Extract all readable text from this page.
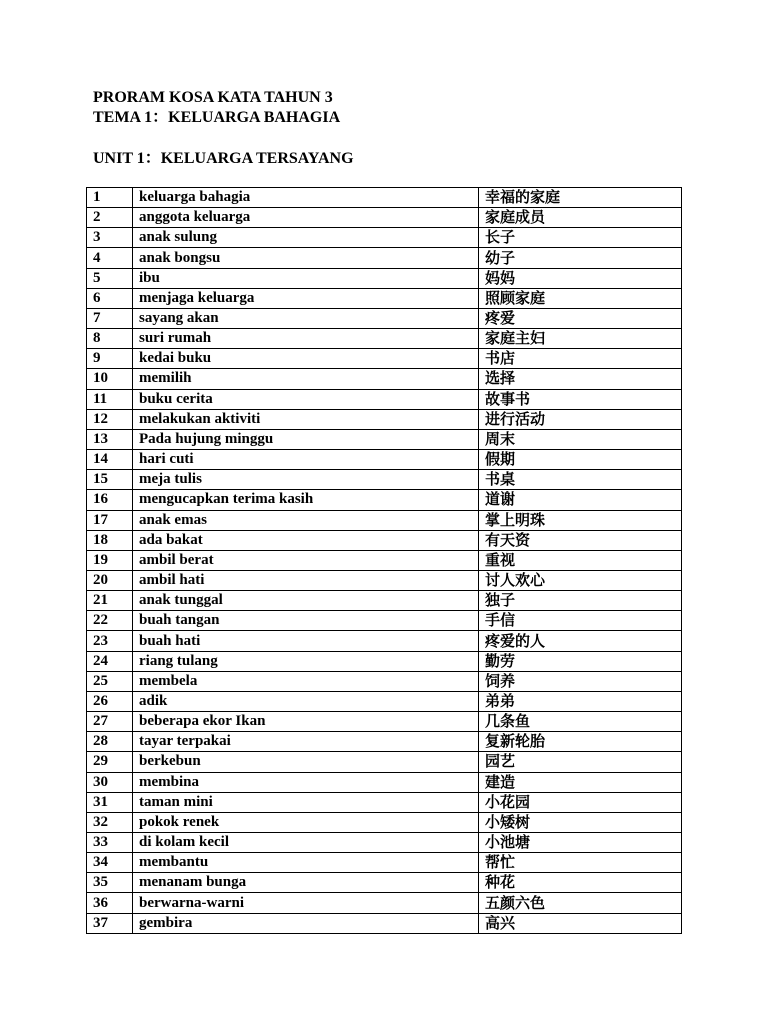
PRORAM KOSA KATA TAHUN 3
TEMA 1：KELUARGA BAHAGIA
UNIT 1：KELUARGA TERSAYANG
1	keluarga bahagia	幸福的家庭
2	anggota keluarga	家庭成员
3	anak sulung	长子
4	anak bongsu	幼子
5	ibu	妈妈
6	menjaga keluarga	照顾家庭
7	sayang akan	疼爱
8	suri rumah	家庭主妇
9	kedai buku	书店
10	memilih	选择
11	buku cerita	故事书
12	melakukan aktiviti	进行活动
13	Pada hujung minggu	周末
14	hari cuti	假期
15	meja tulis	书桌
16	mengucapkan terima kasih	道谢
17	anak emas	掌上明珠
18	ada bakat	有天资
19	ambil berat	重视
20	ambil hati	讨人欢心
21	anak tunggal	独子
22	buah tangan	手信
23	buah hati	疼爱的人
24	riang tulang	勤劳
25	membela	饲养
26	adik	弟弟
27	beberapa ekor Ikan	几条鱼
28	tayar terpakai	复新轮胎
29	berkebun	园艺
30	membina	建造
31	taman mini	小花园
32	pokok renek	小矮树
33	di kolam kecil	小池塘
34	membantu	帮忙
35	menanam bunga	种花
36	berwarna-warni	五颜六色
37	gembira	高兴
